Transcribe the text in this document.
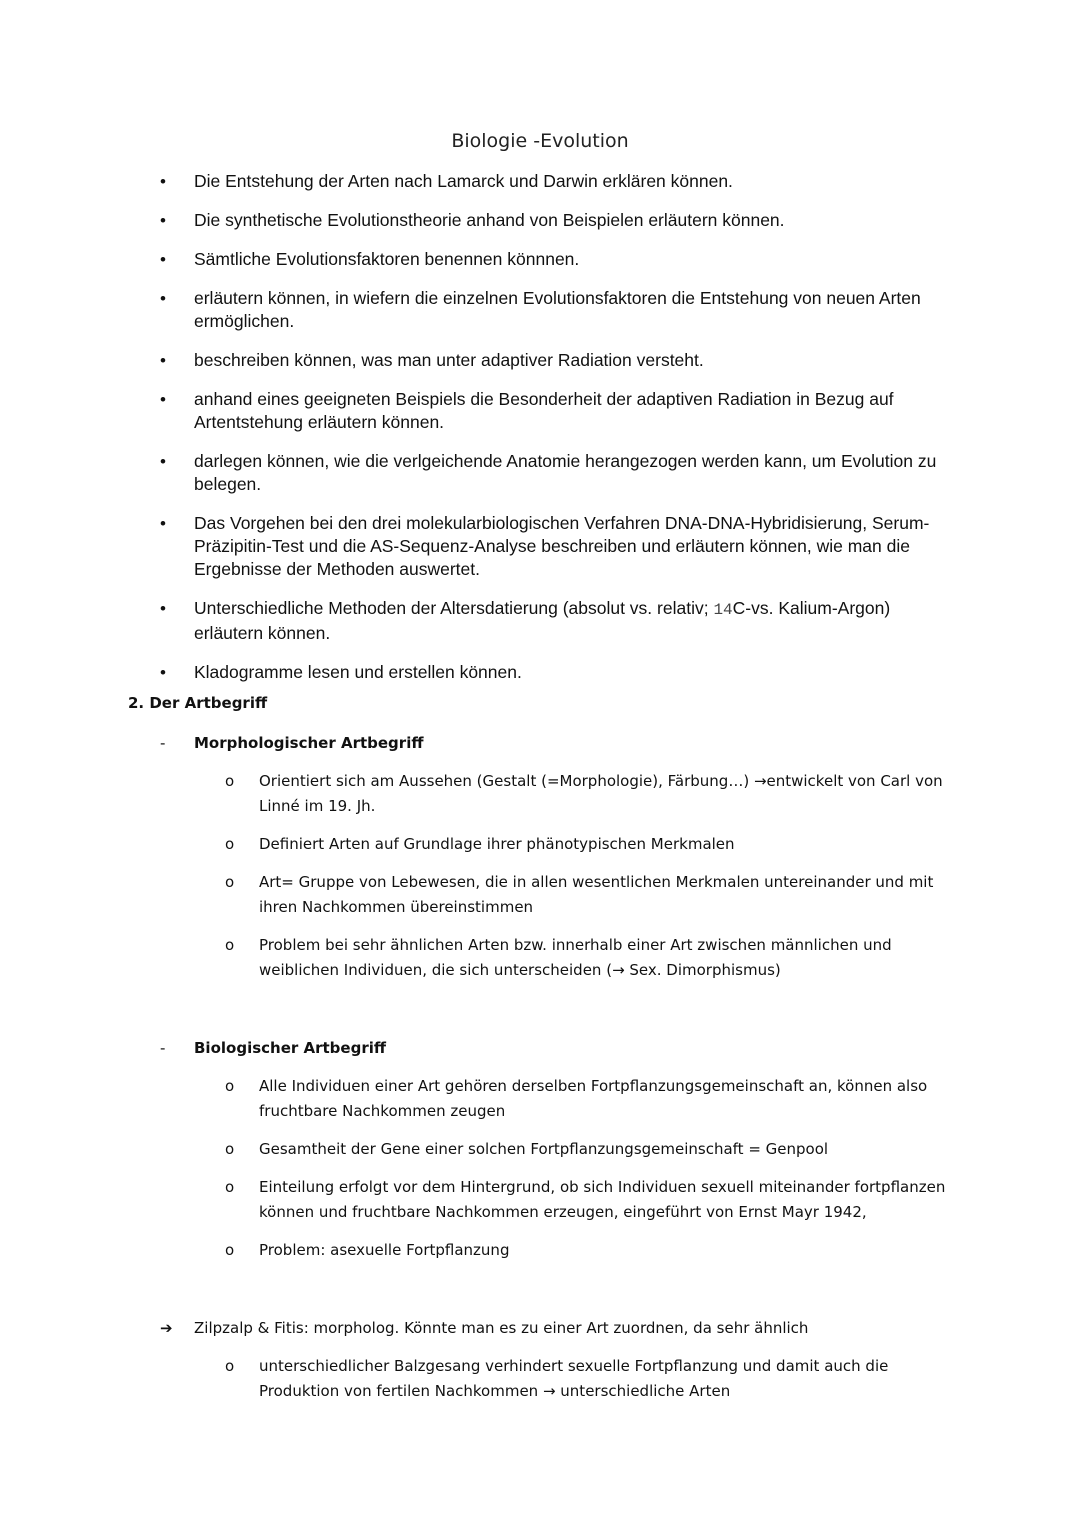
Biologie -Evolution
• Die Entstehung der Arten nach Lamarck und Darwin erklären können.
• Die synthetische Evolutionstheorie anhand von Beispielen erläutern können.
• Sämtliche Evolutionsfaktoren benennen könnnen.
• erläutern können, in wiefern die einzelnen Evolutionsfaktoren die Entstehung von neuen Arten ermöglichen.
• beschreiben können, was man unter adaptiver Radiation versteht.
• anhand eines geeigneten Beispiels die Besonderheit der adaptiven Radiation in Bezug auf Artentstehung erläutern können.
• darlegen können, wie die verlgeichende Anatomie herangezogen werden kann, um Evolution zu belegen.
• Das Vorgehen bei den drei molekularbiologischen Verfahren DNA-DNA-Hybridisierung, Serum-Präzipitin-Test und die AS-Sequenz-Analyse beschreiben und erläutern können, wie man die Ergebnisse der Methoden auswertet.
• Unterschiedliche Methoden der Altersdatierung (absolut vs. relativ; 14C-vs. Kalium-Argon) erläutern können.
• Kladogramme lesen und erstellen können.
2. Der Artbegriff
- Morphologischer Artbegriff
o Orientiert sich am Aussehen (Gestalt (=Morphologie), Färbung…) →entwickelt von Carl von Linné im 19. Jh.
o Definiert Arten auf Grundlage ihrer phänotypischen Merkmalen
o Art= Gruppe von Lebewesen, die in allen wesentlichen Merkmalen untereinander und mit ihren Nachkommen übereinstimmen
o Problem bei sehr ähnlichen Arten bzw. innerhalb einer Art zwischen männlichen und weiblichen Individuen, die sich unterscheiden (→ Sex. Dimorphismus)
- Biologischer Artbegriff
o Alle Individuen einer Art gehören derselben Fortpflanzungsgemeinschaft an, können also fruchtbare Nachkommen zeugen
o Gesamtheit der Gene einer solchen Fortpflanzungsgemeinschaft = Genpool
o Einteilung erfolgt vor dem Hintergrund, ob sich Individuen sexuell miteinander fortpflanzen können und fruchtbare Nachkommen erzeugen, eingeführt von Ernst Mayr 1942,
o Problem: asexuelle Fortpflanzung
➔ Zilpzalp & Fitis: morpholog. Könnte man es zu einer Art zuordnen, da sehr ähnlich
o unterschiedlicher Balzgesang verhindert sexuelle Fortpflanzung und damit auch die Produktion von fertilen Nachkommen → unterschiedliche Arten
